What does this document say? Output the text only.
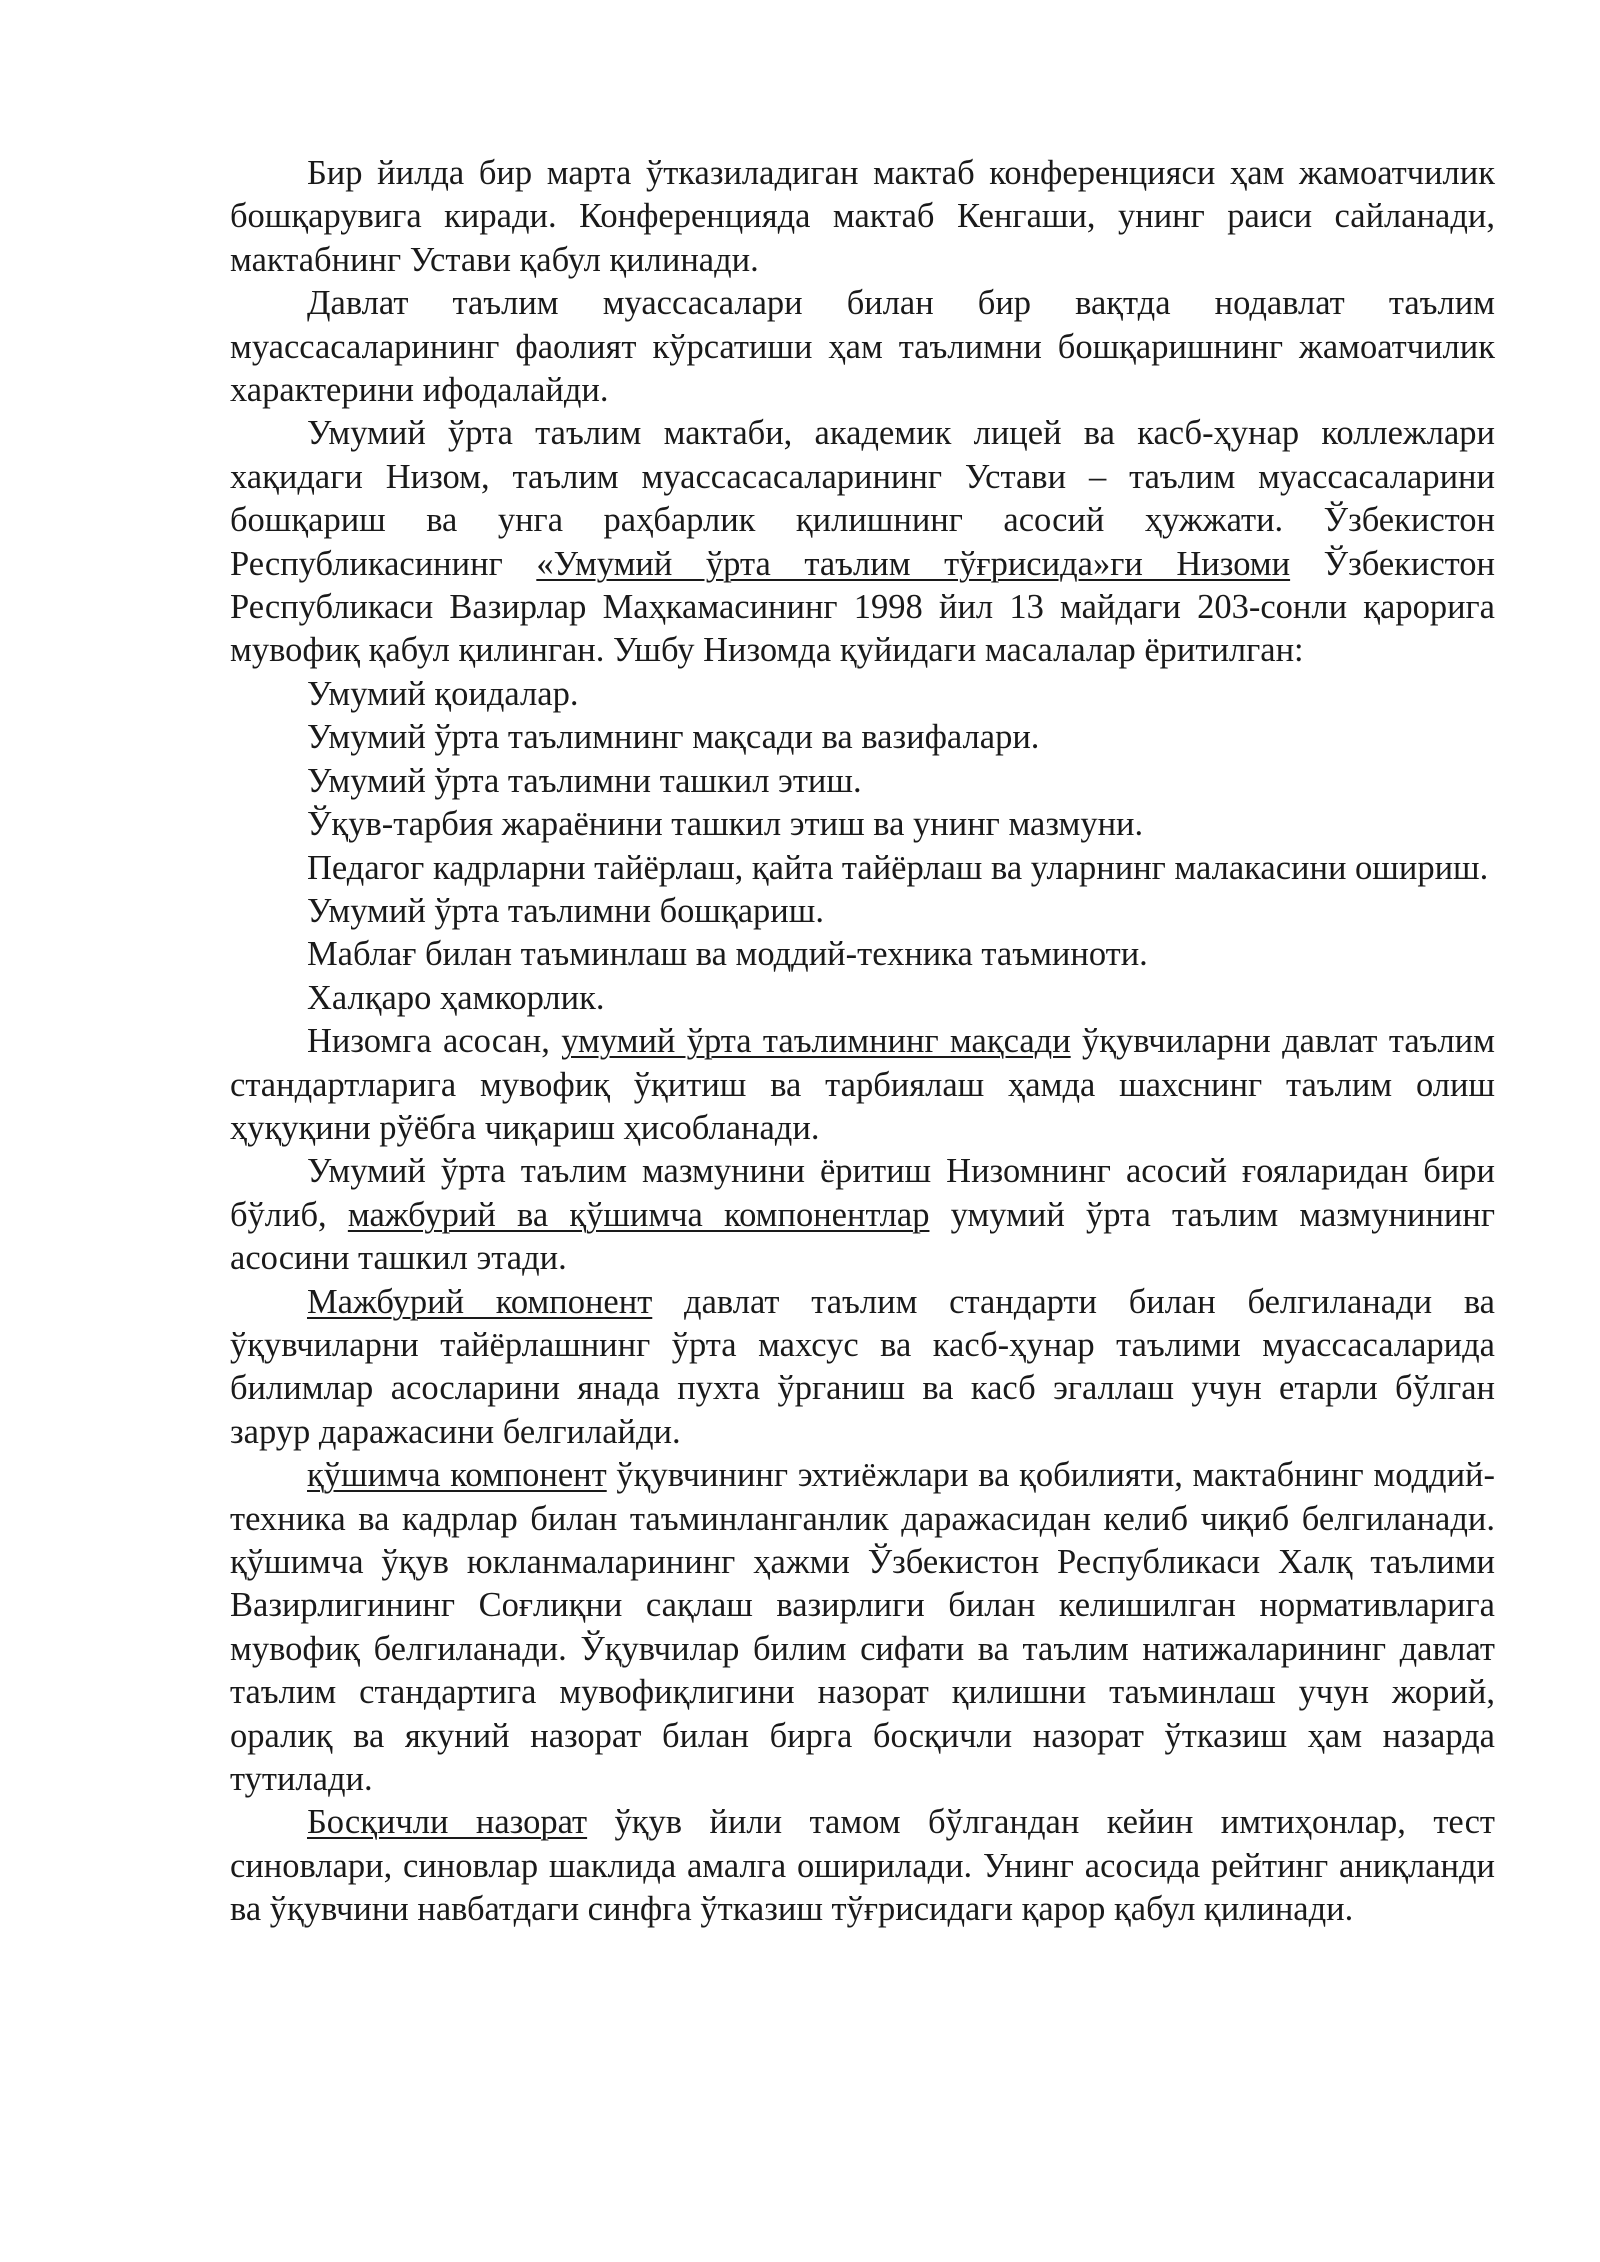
Бир йилда бир марта ўтказиладиган мактаб конференцияси ҳам жамоатчилик бошқарувига киради. Конференцияда мактаб Кенгаши, унинг раиси сайланади, мактабнинг Устави қабул қилинади.

Давлат таълим муассасалари билан бир вақтда нодавлат таълим муассасаларининг фаолият кўрсатиши ҳам таълимни бошқаришнинг жамоатчилик характерини ифодалайди.

Умумий ўрта таълим мактаби, академик лицей ва касб-ҳунар коллежлари хақидаги Низом, таълим муассасасаларининг Устави – таълим муассасаларини бошқариш ва унга раҳбарлик қилишнинг асосий ҳужжати. Ўзбекистон Республикасининг «Умумий ўрта таълим тўғрисида»ги Низоми Ўзбекистон Республикаси Вазирлар Маҳкамасининг 1998 йил 13 майдаги 203-сонли қарорига мувофиқ қабул қилинган. Ушбу Низомда қуйидаги масалалар ёритилган:

Умумий қоидалар.

Умумий ўрта таълимнинг мақсади ва вазифалари.

Умумий ўрта таълимни ташкил этиш.

Ўқув-тарбия жараёнини ташкил этиш ва унинг мазмуни.

Педагог кадрларни тайёрлаш, қайта тайёрлаш ва уларнинг малакасини ошириш.

Умумий ўрта таълимни бошқариш.

Маблағ билан таъминлаш ва моддий-техника таъминоти.

Халқаро ҳамкорлик.

Низомга асосан, умумий ўрта таълимнинг мақсади ўқувчиларни давлат таълим стандартларига мувофиқ ўқитиш ва тарбиялаш ҳамда шахснинг таълим олиш ҳуқуқини рўёбга чиқариш ҳисобланади.

Умумий ўрта таълим мазмунини ёритиш Низомнинг асосий ғояларидан бири бўлиб, мажбурий ва қўшимча компонентлар умумий ўрта таълим мазмунининг асосини ташкил этади.

Мажбурий компонент давлат таълим стандарти билан белгиланади ва ўқувчиларни тайёрлашнинг ўрта махсус ва касб-ҳунар таълими муассасаларида билимлар асосларини янада пухта ўрганиш ва касб эгаллаш учун етарли бўлган зарур даражасини белгилайди.

қўшимча компонент ўқувчининг эхтиёжлари ва қобилияти, мактабнинг моддий-техника ва кадрлар билан таъминланганлик даражасидан келиб чиқиб белгиланади. қўшимча ўқув юкланмаларининг ҳажми Ўзбекистон Республикаси Халқ таълими Вазирлигининг Соғлиқни сақлаш вазирлиги билан келишилган нормативларига мувофиқ белгиланади. Ўқувчилар билим сифати ва таълим натижаларининг давлат таълим стандартига мувофиқлигини назорат қилишни таъминлаш учун жорий, оралиқ ва якуний назорат билан бирга босқичли назорат ўтказиш ҳам назарда тутилади.

Босқичли назорат ўқув йили тамом бўлгандан кейин имтиҳонлар, тест синовлари, синовлар шаклида амалга оширилади. Унинг асосида рейтинг аниқланди ва ўқувчини навбатдаги синфга ўтказиш тўғрисидаги қарор қабул қилинади.
